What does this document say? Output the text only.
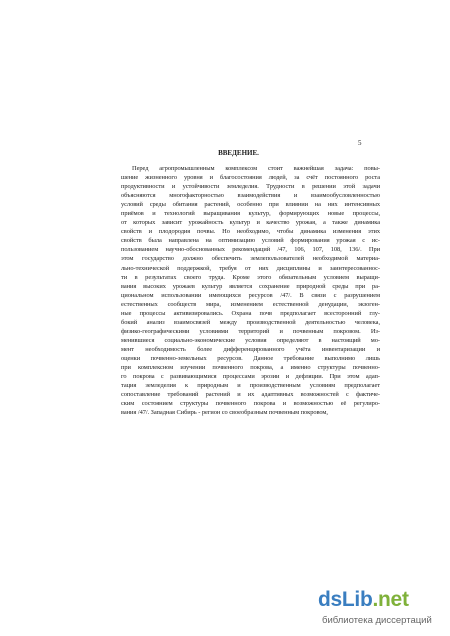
5
ВВЕДЕНИЕ.
Перед агропромышленным комплексом стоит важнейшая задача: повы-
шение жизненного уровня и благосостояния людей, за счёт постоянного роста
продуктивности и устойчивости земледелия. Трудности в решении этой задачи
объясняются многофакторностью взаимодействия и взаимообусловленностью
условий среды обитания растений, особенно при влиянии на них интенсивных
приёмов и технологий выращивания культур, формирующих новые процессы,
от которых зависит урожайность культур и качество урожая, а также динамика
свойств и плодородия почвы. Но необходимо, чтобы динамика изменения этих
свойств была направлена на оптимизацию условий формирования урожая с ис-
пользованием научно-обоснованных рекомендаций /47, 106, 107, 108, 136/. При
этом государство должно обеспечить землепользователей необходимой материа-
льно-технической поддержкой, требуя от них дисциплины и заинтересованнос-
ти в результатах своего труда. Кроме этого обязательным условием выращи-
вания высоких урожаев культур является сохранение природной среды при ра-
циональном использовании имеющихся ресурсов /47/. В связи с разрушением
естественных сообществ мира, изменением естественной денудации, экзоген-
ные процессы активизировались. Охрана почв предполагает всесторонний глу-
бокий анализ взаимосвязей между производственной деятельностью человека,
физико-географическими условиями территорий и почвенным покровом. Из-
менившиеся социально-экономические условия определяют в настоящий мо-
мент необходимость более дифференцированного учёта инвентаризации и
оценки почвенно-земельных ресурсов. Данное требование выполнимо лишь
при комплексном изучении почвенного покрова, а именно структуры почвенно-
го покрова с развивающимися процессами эрозии и дефляции. При этом адап-
тация земледелия к природным и производственным условиям предполагает
сопоставление требований растений и их адаптивных возможностей с фактиче-
ским состоянием структуры почвенного покрова и возможностью её регулиро-
вания /47/. Западная Сибирь - регион со своеобразным почвенным покровом,
dsLib.net
библиотека диссертаций
